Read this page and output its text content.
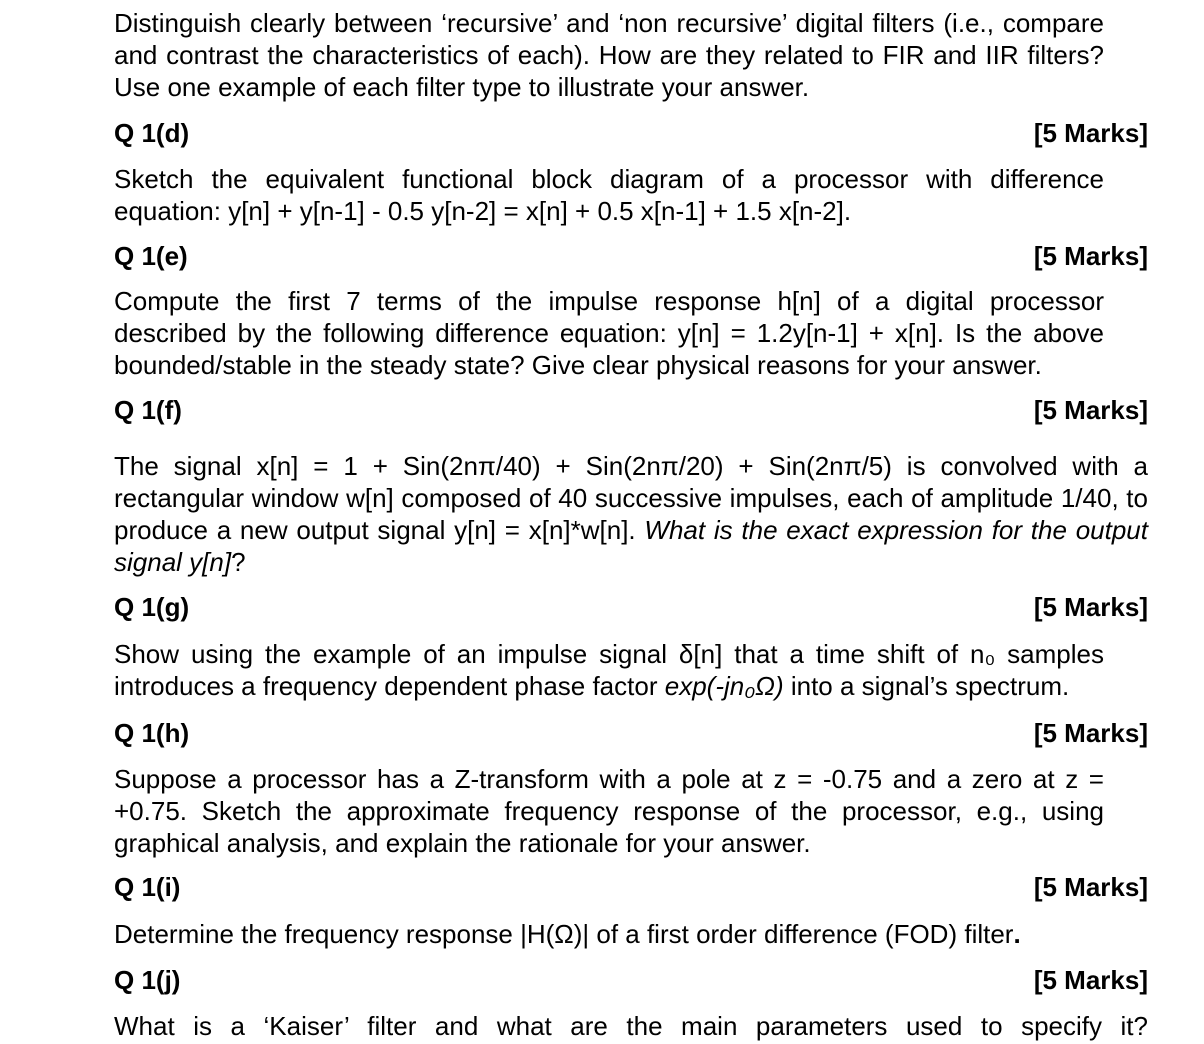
Distinguish clearly between ‘recursive’ and ‘non recursive’ digital filters (i.e., compare and contrast the characteristics of each). How are they related to FIR and IIR filters? Use one example of each filter type to illustrate your answer.

Q 1(d)	[5 Marks]

Sketch the equivalent functional block diagram of a processor with difference equation: y[n] + y[n-1] - 0.5 y[n-2] = x[n] + 0.5 x[n-1] + 1.5 x[n-2].

Q 1(e)	[5 Marks]

Compute the first 7 terms of the impulse response h[n] of a digital processor described by the following difference equation: y[n] = 1.2y[n-1] + x[n]. Is the above bounded/stable in the steady state? Give clear physical reasons for your answer.

Q 1(f)	[5 Marks]

The signal x[n] = 1 + Sin(2nπ/40) + Sin(2nπ/20) + Sin(2nπ/5) is convolved with a rectangular window w[n] composed of 40 successive impulses, each of amplitude 1/40, to produce a new output signal y[n] = x[n]*w[n]. What is the exact expression for the output signal y[n]?

Q 1(g)	[5 Marks]

Show using the example of an impulse signal δ[n] that a time shift of n₀ samples introduces a frequency dependent phase factor exp(-jn₀Ω) into a signal’s spectrum.

Q 1(h)	[5 Marks]

Suppose a processor has a Z-transform with a pole at z = -0.75 and a zero at z = +0.75. Sketch the approximate frequency response of the processor, e.g., using graphical analysis, and explain the rationale for your answer.

Q 1(i)	[5 Marks]

Determine the frequency response |H(Ω)| of a first order difference (FOD) filter.

Q 1(j)	[5 Marks]

What is a ‘Kaiser’ filter and what are the main parameters used to specify it?
